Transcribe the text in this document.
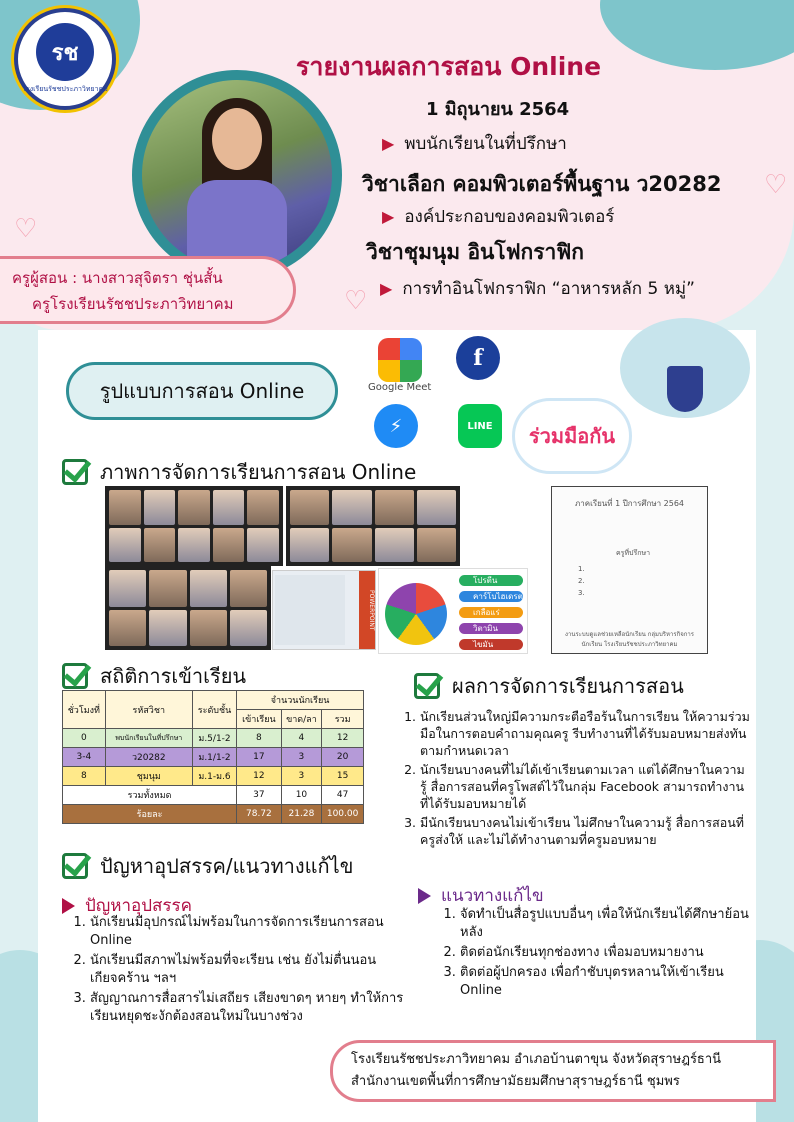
รช
โรงเรียนรัชชประภาวิทยาคม
รายงานผลการสอน Online
1 มิถุนายน 2564
▶ พบนักเรียนในที่ปรึกษา
วิชาเลือก คอมพิวเตอร์พื้นฐาน ว20282
▶ องค์ประกอบของคอมพิวเตอร์
วิชาชุมนุม อินโฟกราฟิก
▶ การทำอินโฟกราฟิก “อาหารหลัก 5 หมู่”
ครูผู้สอน : นางสาวสุจิตรา ชุ่นสั้น
ครูโรงเรียนรัชชประภาวิทยาคม
♡
♡
♡
รูปแบบการสอน Online	Google Meet
f
⚡	LINE	ร่วมมือกัน
ภาพการจัดการเรียนการสอน Online
POWERPOINT
โปรตีน
คาร์โบไฮเดรต
เกลือแร่
วิตามิน
ไขมัน
ภาคเรียนที่ 1 ปีการศึกษา 2564
ครูที่ปรึกษา
1.
2.
3.
งานระบบดูแลช่วยเหลือนักเรียน กลุ่มบริหารกิจการนักเรียน โรงเรียนรัชชประภาวิทยาคม
สถิติการเข้าเรียน
ชั่วโมงที่	รหัสวิชา	ระดับชั้น	จำนวนนักเรียน		
			เข้าเรียน	ขาด/ลา	รวม
0	พบนักเรียนในที่ปรึกษา	ม.5/1-2	8	4	12
3-4	ว20282	ม.1/1-2	17	3	20
8	ชุมนุม	ม.1-ม.6	12	3	15
รวมทั้งหมด			37	10	47
ร้อยละ			78.72	21.28	100.00
ผลการจัดการเรียนการสอน
1. นักเรียนส่วนใหญ่มีความกระตือรือร้นในการเรียน ให้ความร่วมมือในการตอบคำถามคุณครู รีบทำงานที่ได้รับมอบหมายส่งทันตามกำหนดเวลา
2. นักเรียนบางคนที่ไม่ได้เข้าเรียนตามเวลา แต่ได้ศึกษาในความรู้ สื่อการสอนที่ครูโพสต์ไว้ในกลุ่ม Facebook สามารถทำงานที่ได้รับมอบหมายได้
3. มีนักเรียนบางคนไม่เข้าเรียน ไม่ศึกษาในความรู้ สื่อการสอนที่ครูส่งให้ และไม่ได้ทำงานตามที่ครูมอบหมาย
ปัญหาอุปสรรค/แนวทางแก้ไข
ปัญหาอุปสรรค
1. นักเรียนมีอุปกรณ์ไม่พร้อมในการจัดการเรียนการสอน Online
2. นักเรียนมีสภาพไม่พร้อมที่จะเรียน เช่น ยังไม่ตื่นนอน เกียจคร้าน ฯลฯ
3. สัญญาณการสื่อสารไม่เสถียร เสียงขาดๆ หายๆ ทำให้การเรียนหยุดชะงักต้องสอนใหม่ในบางช่วง
แนวทางแก้ไข
1. จัดทำเป็นสื่อรูปแบบอื่นๆ เพื่อให้นักเรียนได้ศึกษาย้อนหลัง
2. ติดต่อนักเรียนทุกช่องทาง เพื่อมอบหมายงาน
3. ติดต่อผู้ปกครอง เพื่อกำชับบุตรหลานให้เข้าเรียน Online
โรงเรียนรัชชประภาวิทยาคม อำเภอบ้านตาขุน จังหวัดสุราษฎร์ธานี
สำนักงานเขตพื้นที่การศึกษามัธยมศึกษาสุราษฎร์ธานี ชุมพร
